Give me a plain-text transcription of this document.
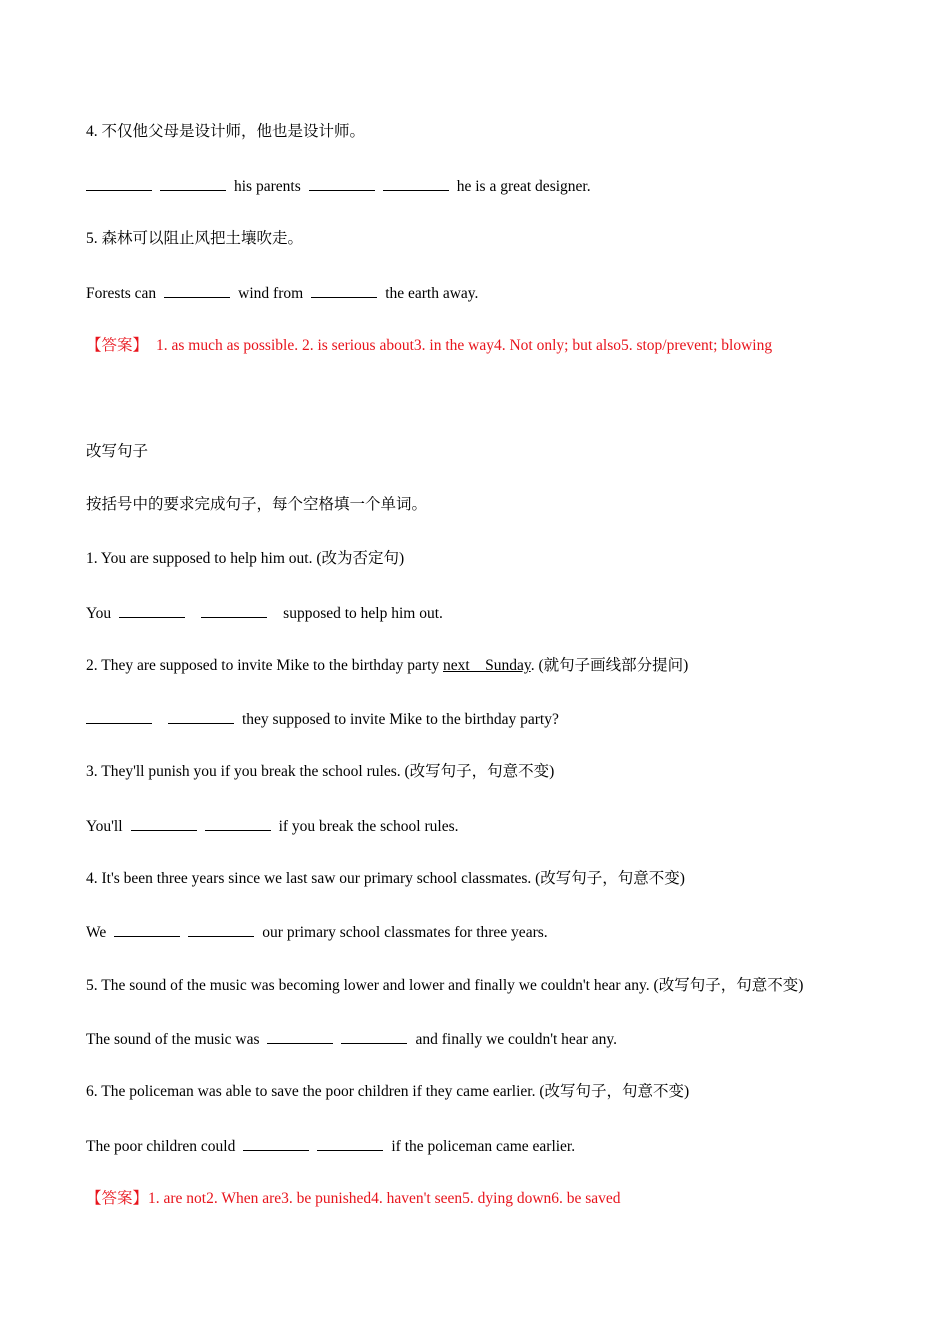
4. 不仅他父母是设计师，他也是设计师。
his parents	he is a great designer.
5. 森林可以阻止风把土壤吹走。
Forests can	wind from	the earth away.
【答案】 1. as much as possible. 2. is serious about3. in the way4. Not only; but also5. stop/prevent; blowing
改写句子
按括号中的要求完成句子，每个空格填一个单词。
1. You are supposed to help him out. (改为否定句)
You	supposed to help him out.
2. They are supposed to invite Mike to the birthday party next    Sunday. (就句子画线部分提问)
they supposed to invite Mike to the birthday party?
3. They'll punish you if you break the school rules. (改写句子，句意不变)
You'll	if you break the school rules.
4. It's been three years since we last saw our primary school classmates. (改写句子，句意不变)
We	our primary school classmates for three years.
5. The sound of the music was becoming lower and lower and finally we couldn't hear any. (改写句子，句意不变)
The sound of the music was	and finally we couldn't hear any.
6. The policeman was able to save the poor children if they came earlier. (改写句子，句意不变)
The poor children could	if the policeman came earlier.
【答案】1. are not2. When are3. be punished4. haven't seen5. dying down6. be saved
